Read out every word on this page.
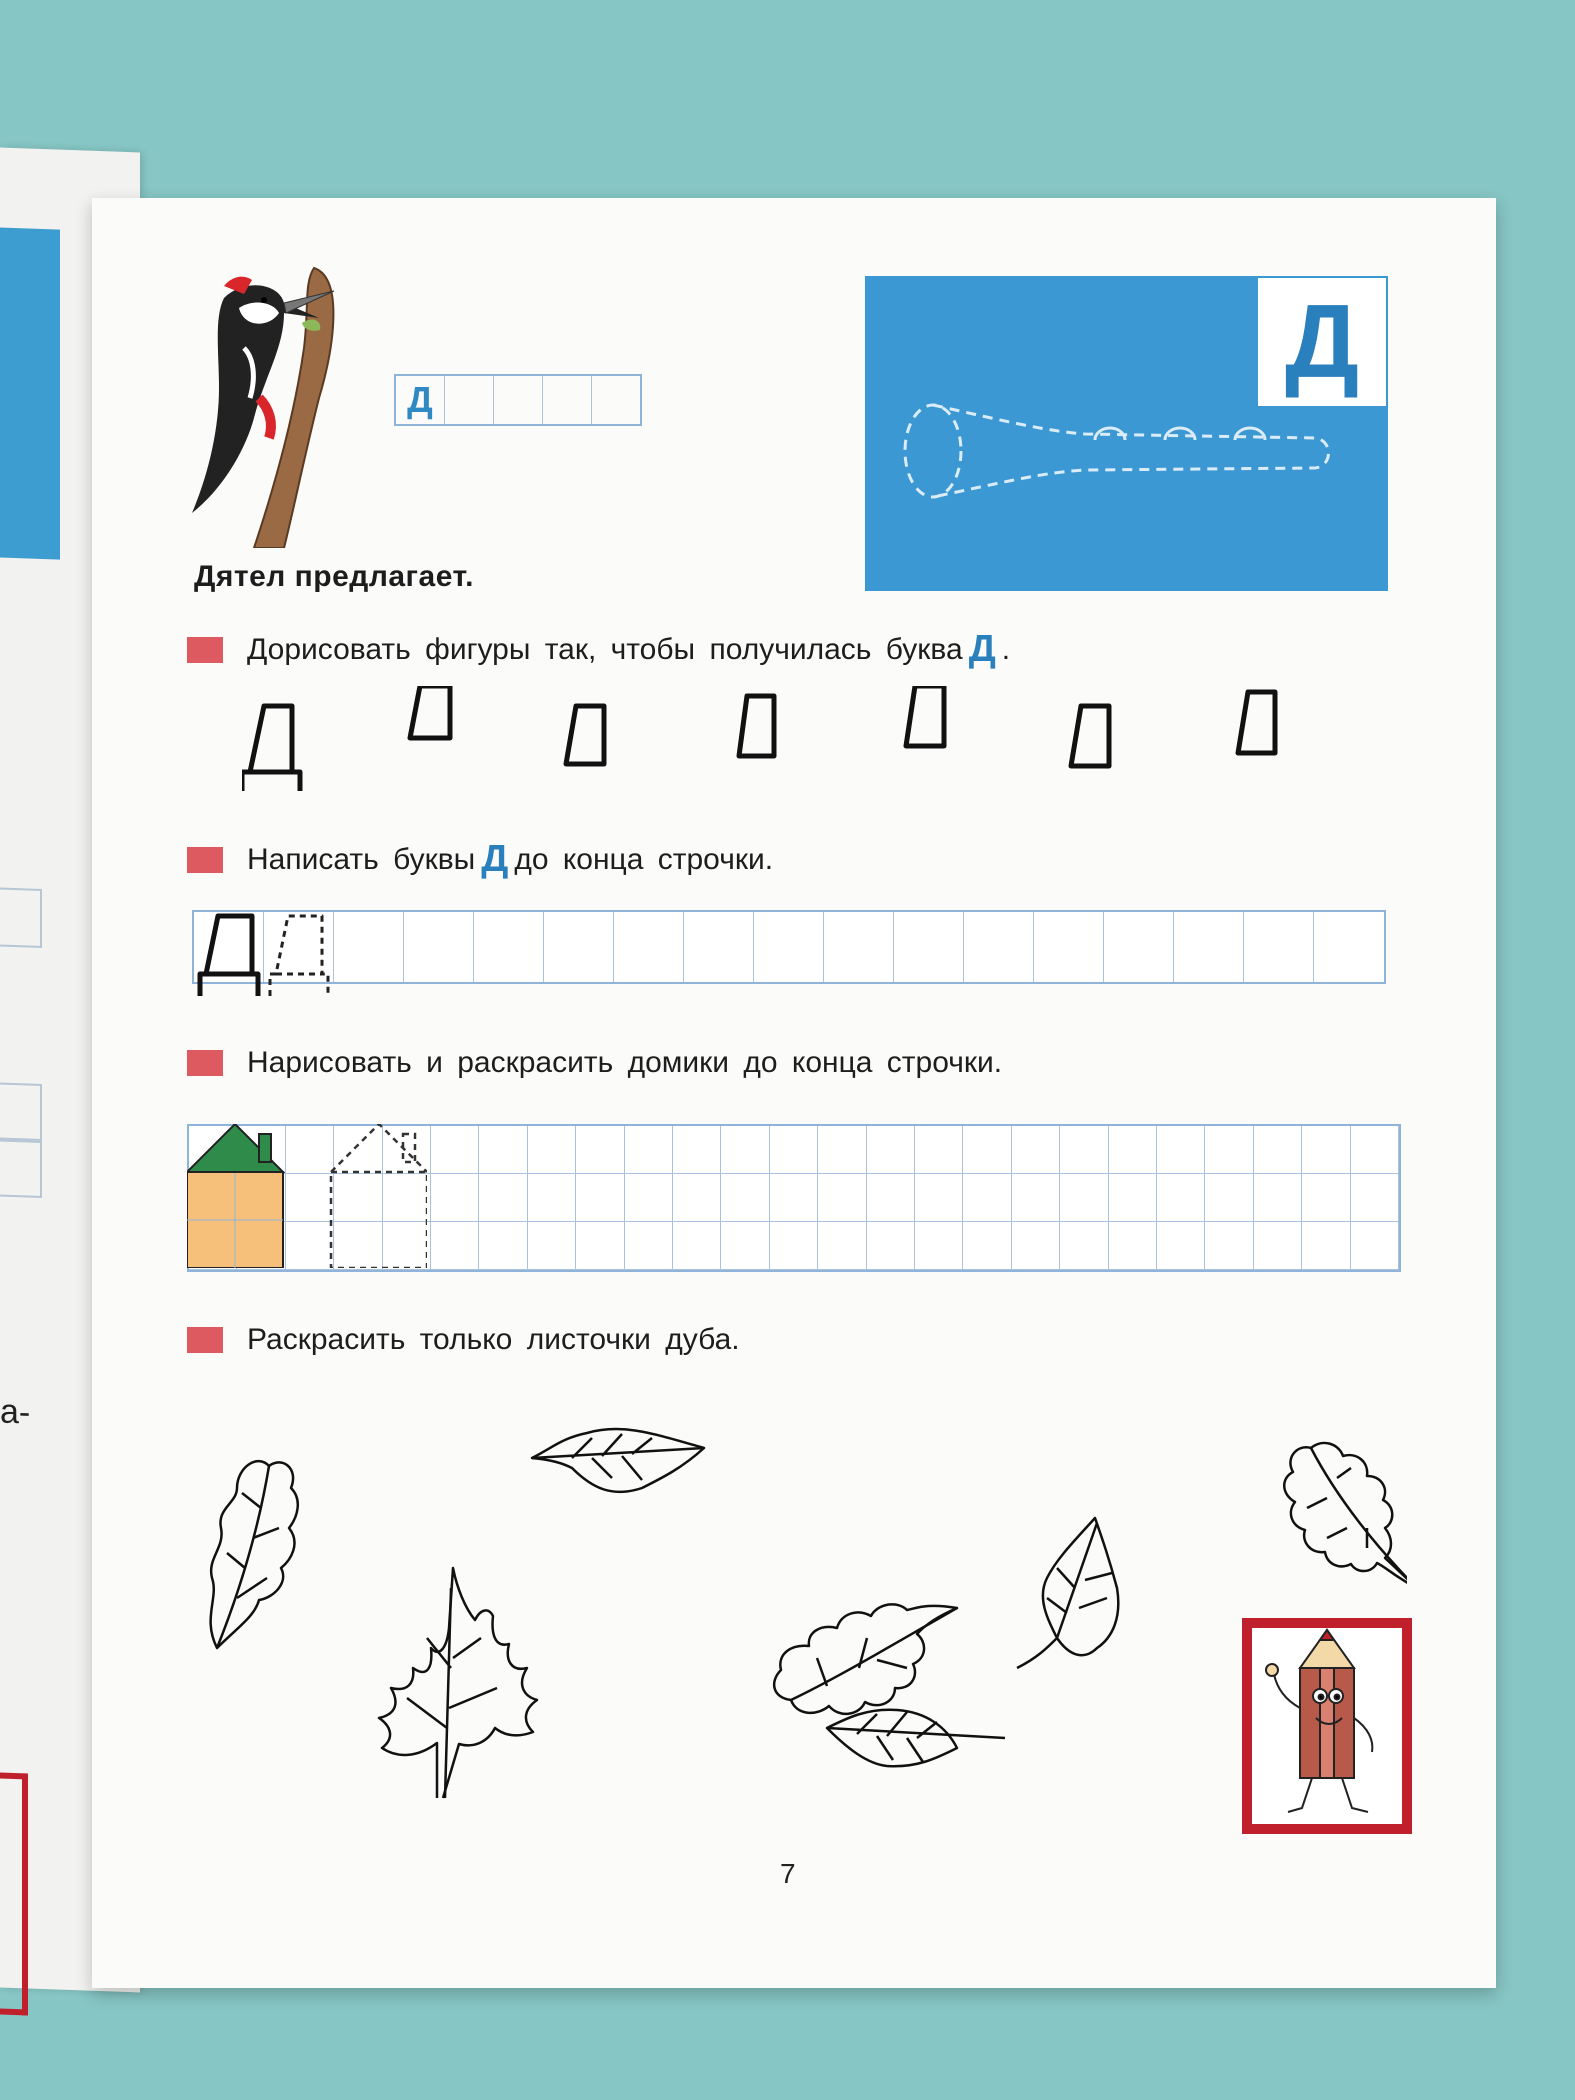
а-
Д
Дятел предлагает.
Д
Дорисовать фигуры так, чтобы получилась буква Д .
Написать буквы Д до конца строчки.
Нарисовать и раскрасить домики до конца строчки.
Раскрасить только листочки дуба.
7
